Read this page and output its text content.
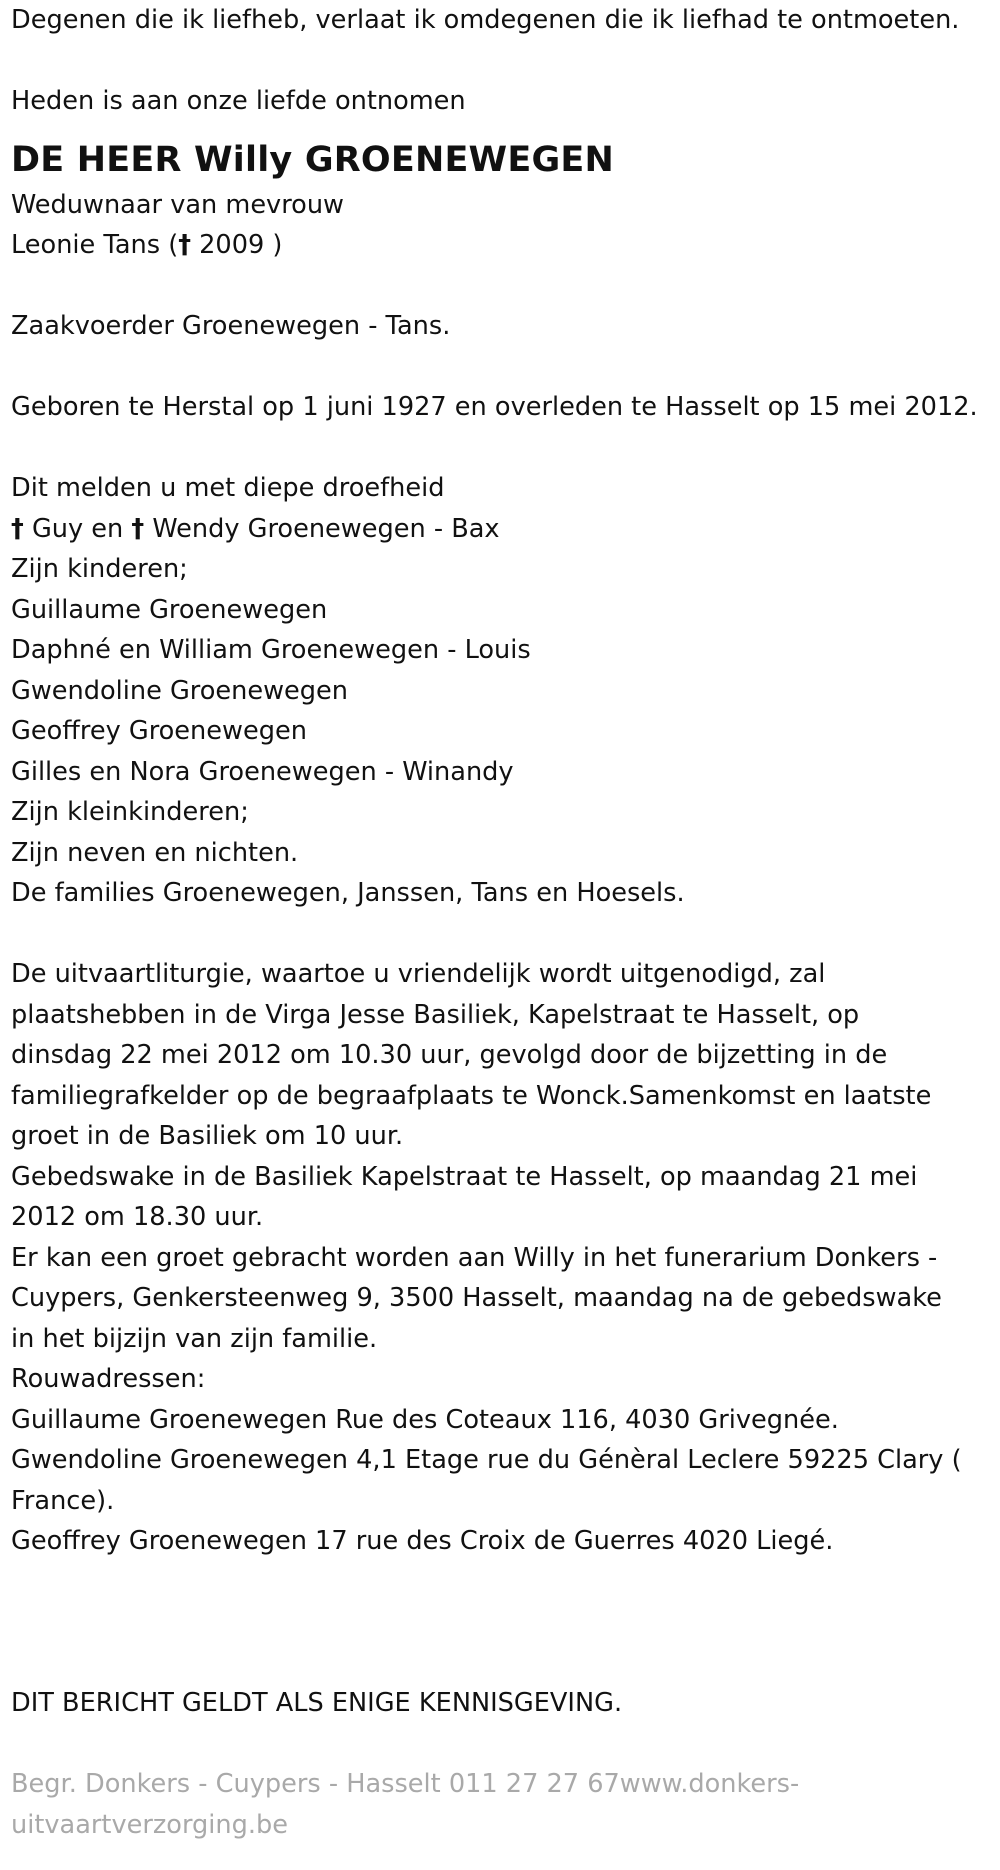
Degenen die ik liefheb, verlaat ik omdegenen die ik liefhad te ontmoeten.
Heden is aan onze liefde ontnomen
DE HEER Willy GROENEWEGEN
Weduwnaar van mevrouw
Leonie Tans († 2009 )
Zaakvoerder Groenewegen - Tans.
Geboren te Herstal op 1 juni 1927 en overleden te Hasselt op 15 mei 2012.
Dit melden u met diepe droefheid
† Guy en † Wendy Groenewegen - Bax
Zijn kinderen;
Guillaume Groenewegen
Daphné en William Groenewegen - Louis
Gwendoline Groenewegen
Geoffrey Groenewegen
Gilles en Nora Groenewegen - Winandy
Zijn kleinkinderen;
Zijn neven en nichten.
De families Groenewegen, Janssen, Tans en Hoesels.
De uitvaartliturgie, waartoe u vriendelijk wordt uitgenodigd, zal
plaatshebben in de Virga Jesse Basiliek, Kapelstraat te Hasselt, op
dinsdag 22 mei 2012 om 10.30 uur, gevolgd door de bijzetting in de
familiegrafkelder op de begraafplaats te Wonck.Samenkomst en laatste
groet in de Basiliek om 10 uur.
Gebedswake in de Basiliek Kapelstraat te Hasselt, op maandag 21 mei
2012 om 18.30 uur.
Er kan een groet gebracht worden aan Willy in het funerarium Donkers -
Cuypers, Genkersteenweg 9, 3500 Hasselt, maandag na de gebedswake
in het bijzijn van zijn familie.
Rouwadressen:
Guillaume Groenewegen Rue des Coteaux 116, 4030 Grivegnée.
Gwendoline Groenewegen 4,1 Etage rue du Génèral Leclere 59225 Clary (
France).
Geoffrey Groenewegen 17 rue des Croix de Guerres 4020 Liegé.
DIT BERICHT GELDT ALS ENIGE KENNISGEVING.
Begr. Donkers - Cuypers - Hasselt 011 27 27 67www.donkers-
uitvaartverzorging.be
